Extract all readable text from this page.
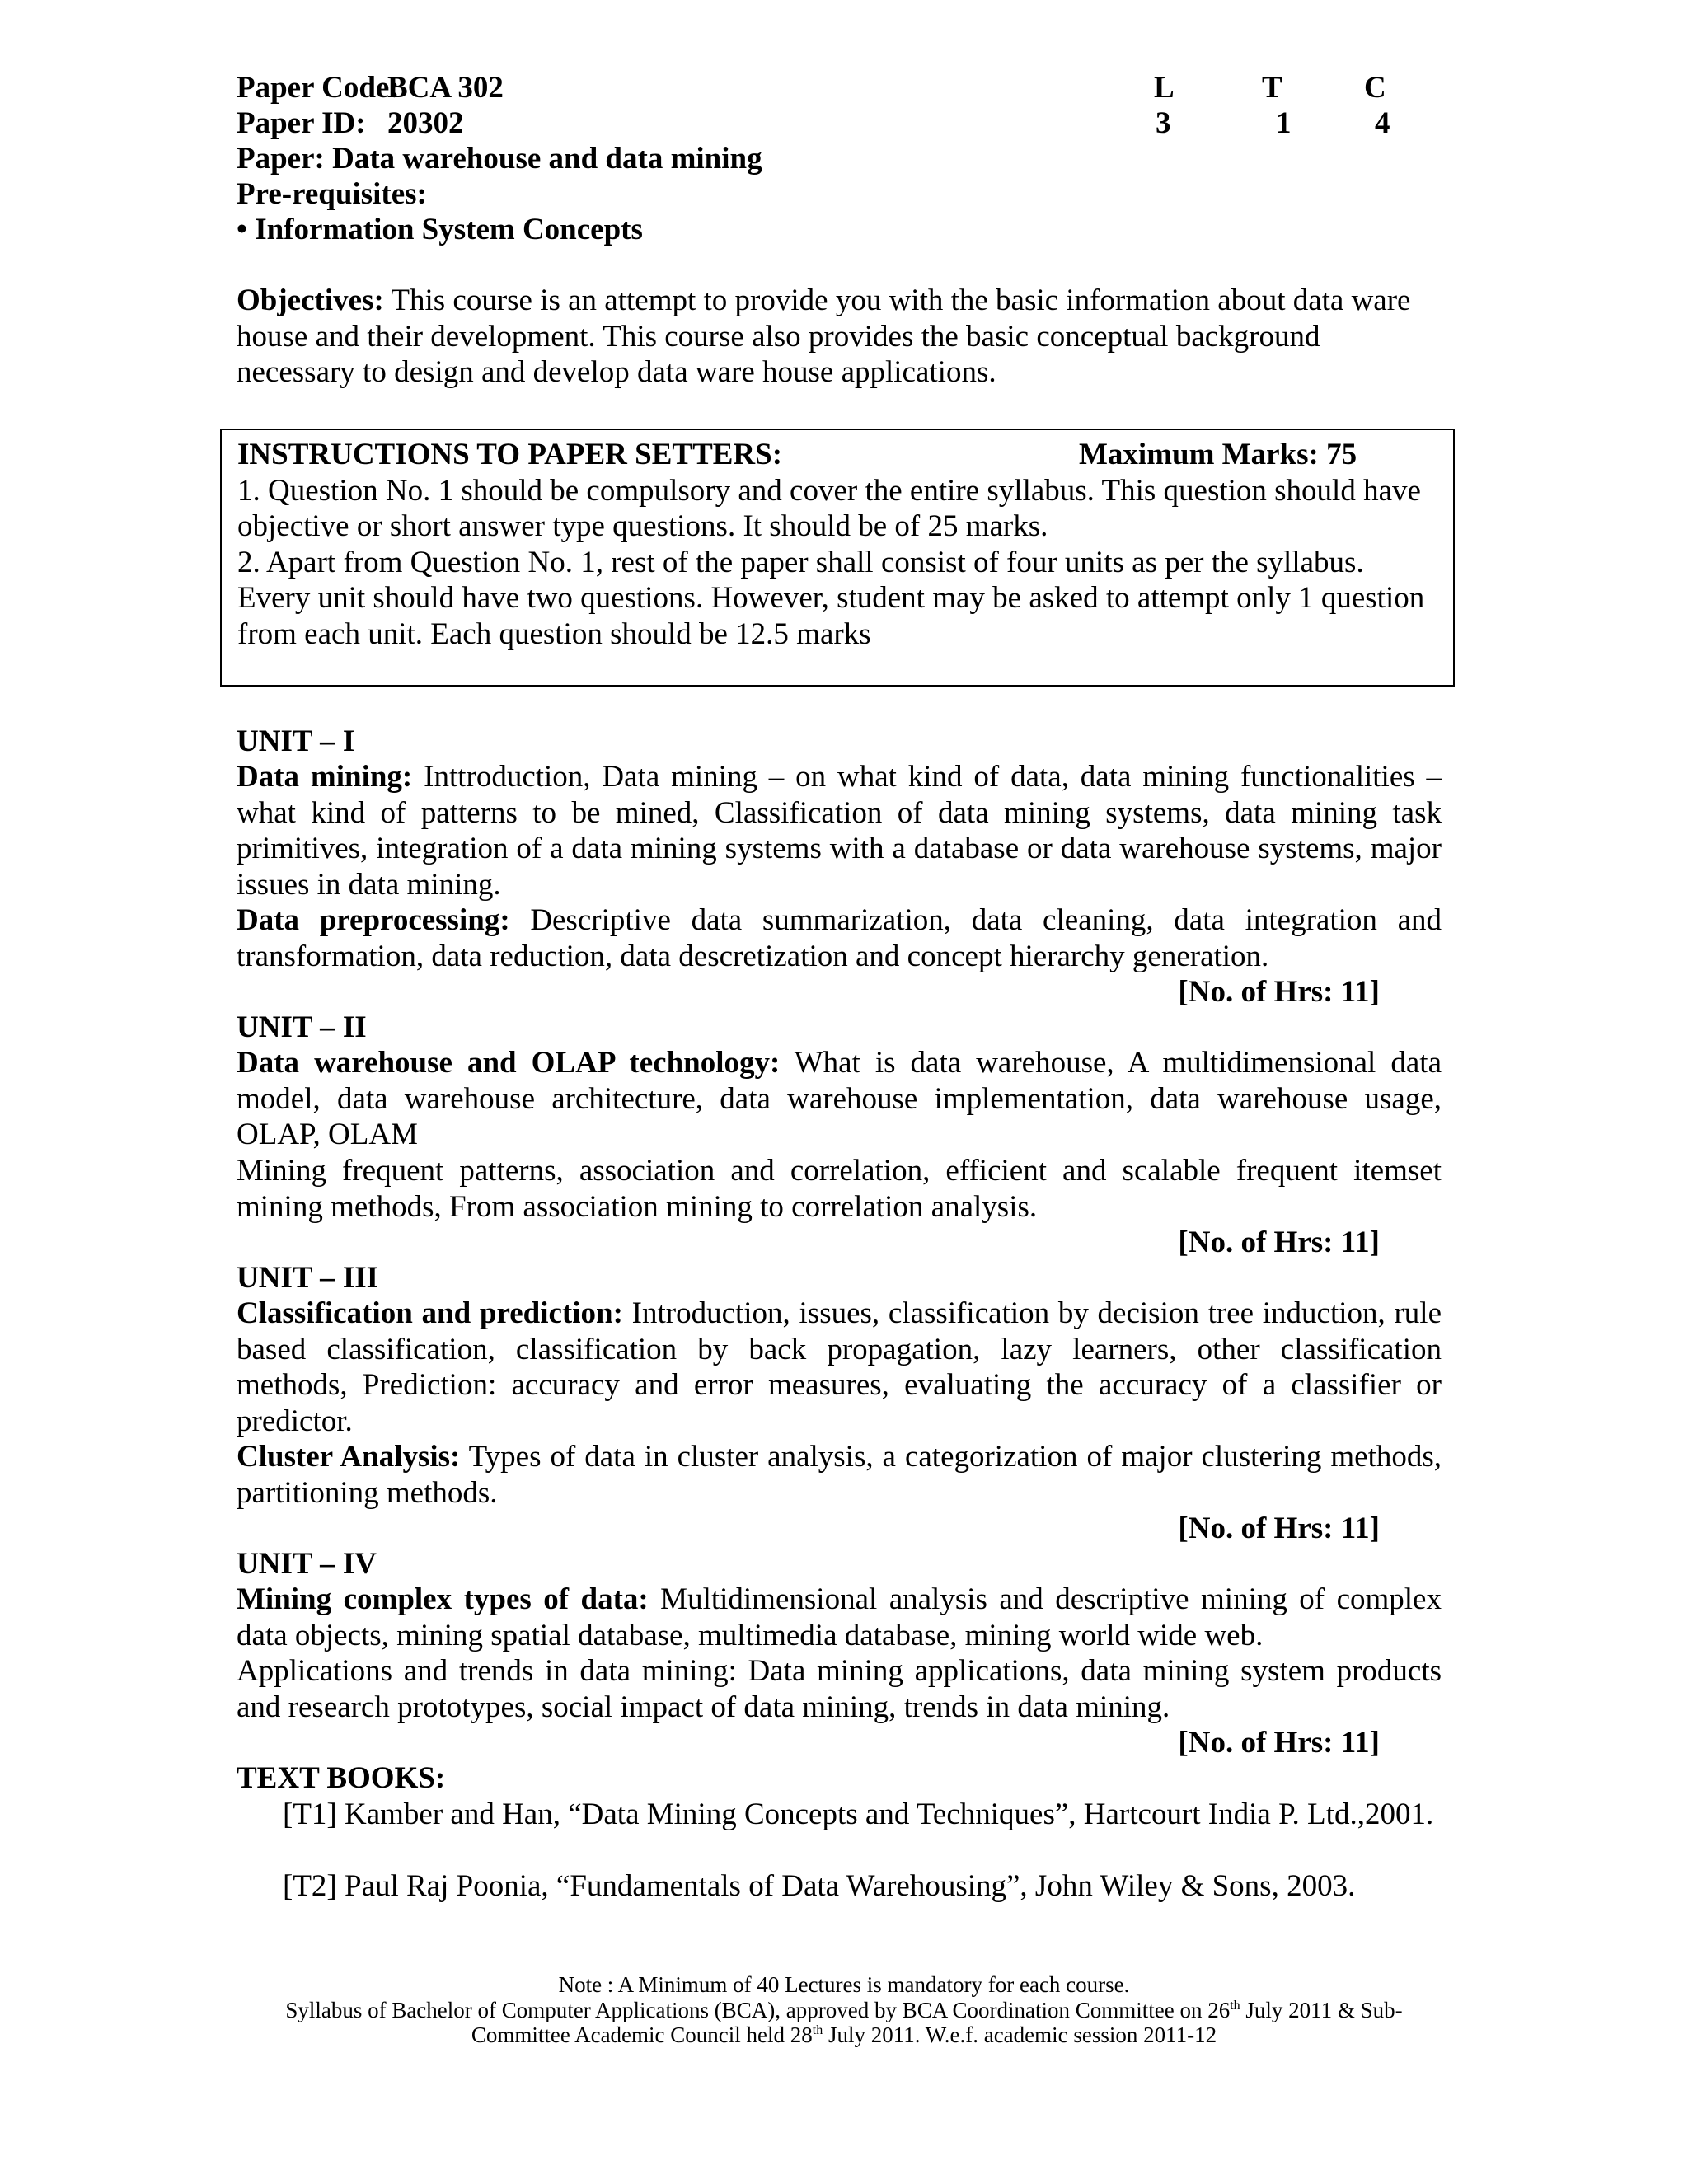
Paper Code:BCA 302
Paper ID: 20302
Paper: Data warehouse and data mining
Pre-requisites:
• Information System Concepts
L	T	C
3	1	4
Objectives: This course is an attempt to provide you with the basic information about data ware house and their development. This course also provides the basic conceptual background necessary to design and develop data ware house applications.
INSTRUCTIONS TO PAPER SETTERS:	Maximum Marks: 75
1. Question No. 1 should be compulsory and cover the entire syllabus. This question should have objective or short answer type questions. It should be of 25 marks.
2. Apart from Question No. 1, rest of the paper shall consist of four units as per the syllabus. Every unit should have two questions. However, student may be asked to attempt only 1 question from each unit. Each question should be 12.5 marks
UNIT – I
Data mining: Inttroduction, Data mining – on what kind of data, data mining functionalities – what kind of patterns to be mined, Classification of data mining systems, data mining task primitives, integration of a data mining systems with a database or data warehouse systems, major issues in data mining.
Data preprocessing: Descriptive data summarization, data cleaning, data integration and transformation, data reduction, data descretization and concept hierarchy generation.
[No. of Hrs: 11]
UNIT – II
Data warehouse and OLAP technology: What is data warehouse, A multidimensional data model, data warehouse architecture, data warehouse implementation, data warehouse usage, OLAP, OLAM
Mining frequent patterns, association and correlation, efficient and scalable frequent itemset mining methods, From association mining to correlation analysis.
[No. of Hrs: 11]
UNIT – III
Classification and prediction: Introduction, issues, classification by decision tree induction, rule based classification, classification by back propagation, lazy learners, other classification methods, Prediction: accuracy and error measures, evaluating the accuracy of a classifier or predictor.
Cluster Analysis: Types of data in cluster analysis, a categorization of major clustering methods, partitioning methods.
[No. of Hrs: 11]
UNIT – IV
Mining complex types of data: Multidimensional analysis and descriptive mining of complex data objects, mining spatial database, multimedia database, mining world wide web.
Applications and trends in data mining: Data mining applications, data mining system products and research prototypes, social impact of data mining, trends in data mining.
[No. of Hrs: 11]
TEXT BOOKS:
[T1] Kamber and Han, “Data Mining Concepts and Techniques”, Hartcourt India P. Ltd.,2001.
[T2] Paul Raj Poonia, “Fundamentals of Data Warehousing”, John Wiley & Sons, 2003.
Note : A Minimum of 40 Lectures is mandatory for each course.
Syllabus of Bachelor of Computer Applications (BCA), approved by BCA Coordination Committee on 26th July 2011 & Sub-
Committee Academic Council held 28th July 2011. W.e.f. academic session 2011-12
